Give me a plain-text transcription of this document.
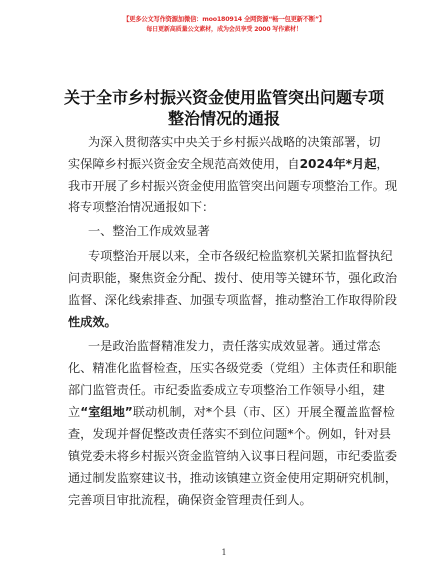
【更多公文写作资源加微信：moo180914 全网资源“畅一包更新不断”】
每日更新高质量公文素材，成为会员享受 2000 写作素材！
关于全市乡村振兴资金使用监管突出问题专项
整治情况的通报
为深入贯彻落实中央关于乡村振兴战略的决策部署，切
实保障乡村振兴资金安全规范高效使用，自2024年*月起，
我市开展了乡村振兴资金使用监管突出问题专项整治工作。现
将专项整治情况通报如下：
一、整治工作成效显著
专项整治开展以来，全市各级纪检监察机关紧扣监督执纪
问责职能，聚焦资金分配、拨付、使用等关键环节，强化政治
监督、深化线索排查、加强专项监督，推动整治工作取得阶段
性成效。
一是政治监督精准发力，责任落实成效显著。通过常态
化、精准化监督检查，压实各级党委（党组）主体责任和职能
部门监管责任。市纪委监委成立专项整治工作领导小组，建
立“室组地”联动机制，对*个县（市、区）开展全覆盖监督检
查，发现并督促整改责任落实不到位问题*个。例如，针对县
镇党委未将乡村振兴资金监管纳入议事日程问题，市纪委监委
通过制发监察建议书，推动该镇建立资金使用定期研究机制，
完善项目审批流程，确保资金管理责任到人。
1
